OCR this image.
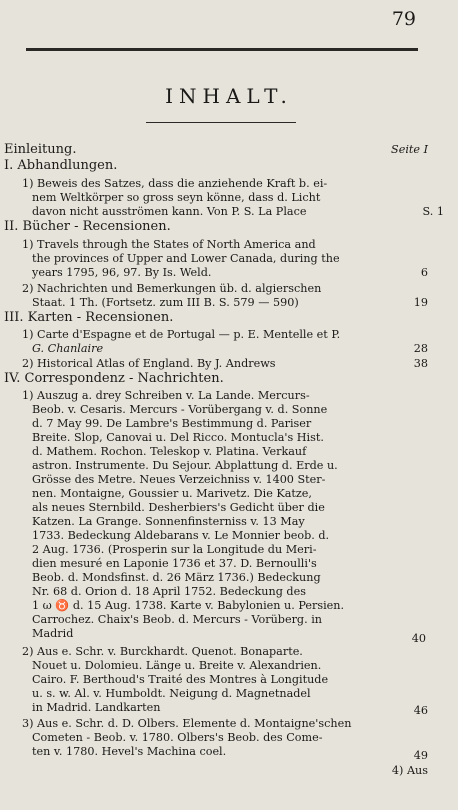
79
INHALT.
Einleitung.	Seite I
I. Abhandlungen.
1) Beweis des Satzes, dass die anziehende Kraft b. ei-
nem Weltkörper so gross seyn könne, dass d. Licht
davon nicht ausströmen kann. Von P. S. La Place	S. 1
II. Bücher - Recensionen.
1) Travels through the States of North America and
the provinces of Upper and Lower Canada, during the
years 1795, 96, 97. By Is. Weld.	6
2) Nachrichten und Bemerkungen üb. d. algierschen
Staat. 1 Th. (Fortsetz. zum III B. S. 579 — 590)	19
III. Karten - Recensionen.
1) Carte d'Espagne et de Portugal — p. E. Mentelle et P.
G. Chanlaire	28
2) Historical Atlas of England. By J. Andrews	38
IV. Correspondenz - Nachrichten.
1) Auszug a. drey Schreiben v. La Lande. Mercurs-
Beob. v. Cesaris. Mercurs - Vorübergang v. d. Sonne
d. 7 May 99. De Lambre's Bestimmung d. Pariser
Breite. Slop, Canovai u. Del Ricco. Montucla's Hist.
d. Mathem. Rochon. Teleskop v. Platina. Verkauf
astron. Instrumente. Du Sejour. Abplattung d. Erde u.
Grösse des Metre. Neues Verzeichniss v. 1400 Ster-
nen. Montaigne, Goussier u. Marivetz. Die Katze,
als neues Sternbild. Desherbiers's Gedicht über die
Katzen. La Grange. Sonnenfinsterniss v. 13 May
1733. Bedeckung Aldebarans v. Le Monnier beob. d.
2 Aug. 1736. (Prosperin sur la Longitude du Meri-
dien mesuré en Laponie 1736 et 37. D. Bernoulli's
Beob. d. Mondsfinst. d. 26 März 1736.) Bedeckung
Nr. 68 d. Orion d. 18 April 1752. Bedeckung des
1 ω ♉ d. 15 Aug. 1738. Karte v. Babylonien u. Persien.
Carrochez. Chaix's Beob. d. Mercurs - Vorüberg. in
Madrid	40
2) Aus e. Schr. v. Burckhardt. Quenot. Bonaparte.
Nouet u. Dolomieu. Länge u. Breite v. Alexandrien.
Cairo. F. Berthoud's Traité des Montres à Longitude
u. s. w. Al. v. Humboldt. Neigung d. Magnetnadel
in Madrid. Landkarten	46
3) Aus e. Schr. d. D. Olbers. Elemente d. Montaigne'schen
Cometen - Beob. v. 1780. Olbers's Beob. des Come-
ten v. 1780. Hevel's Machina coel.	49
4) Aus
